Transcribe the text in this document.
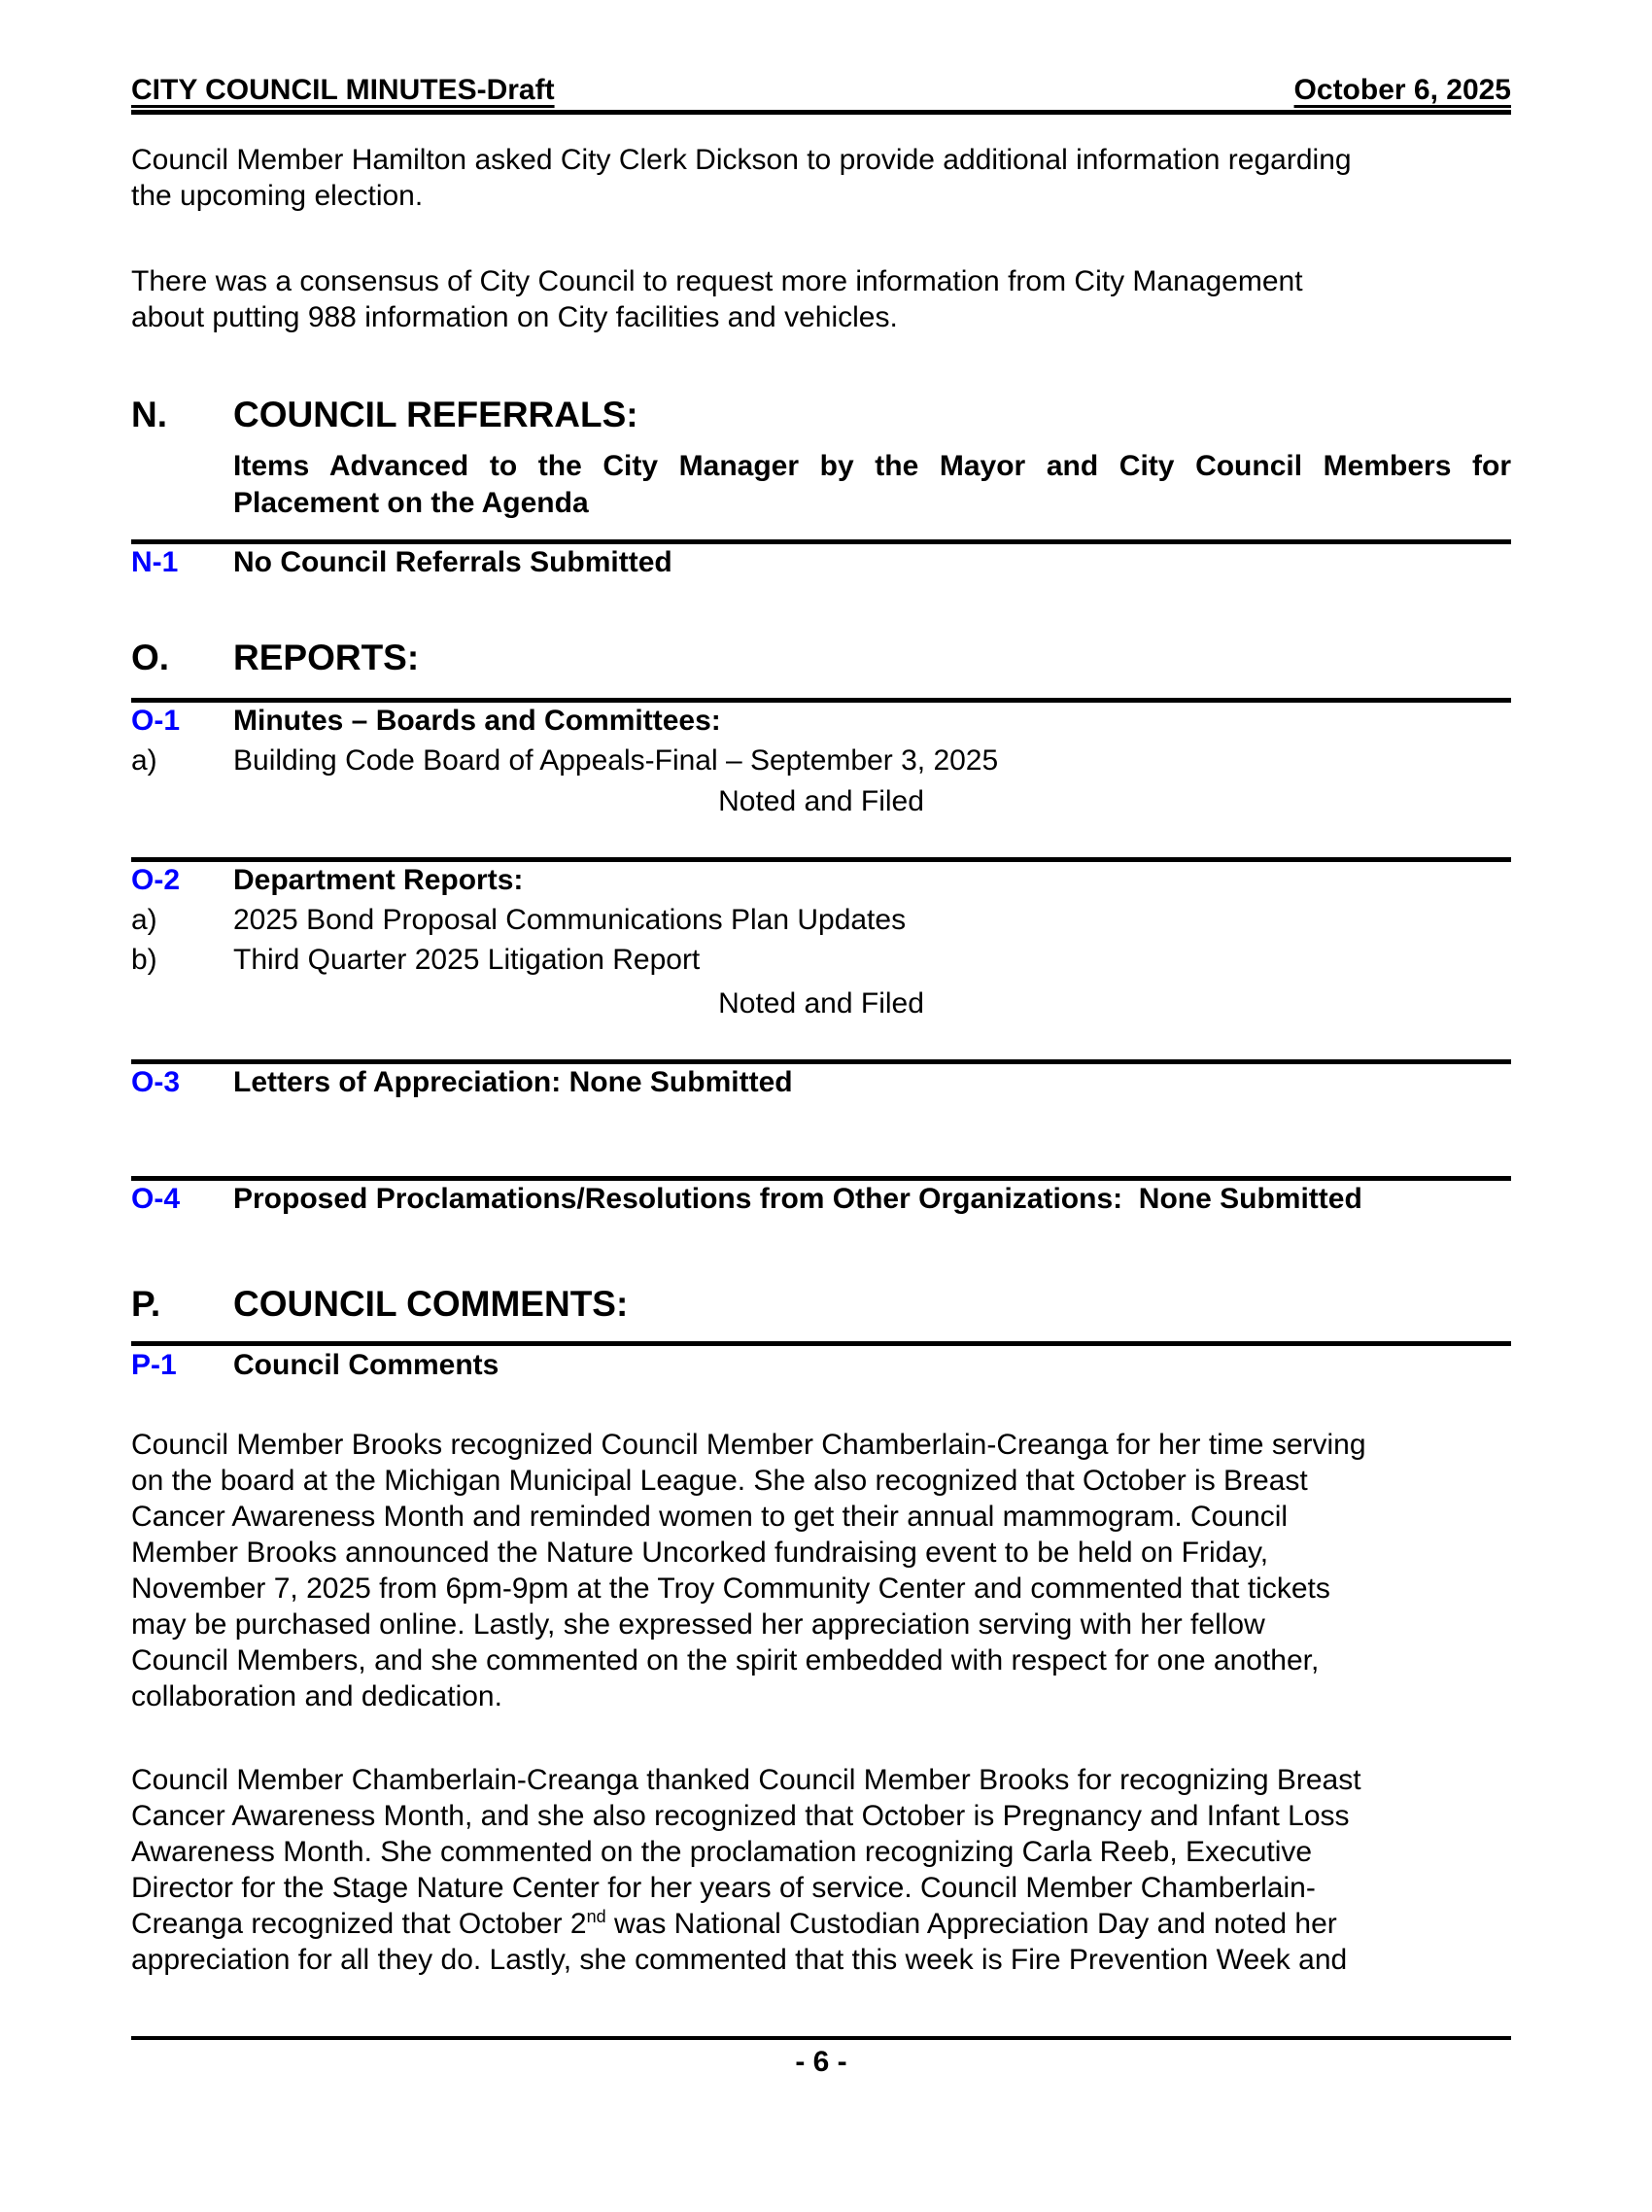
CITY COUNCIL MINUTES-Draft	October 6, 2025
Council Member Hamilton asked City Clerk Dickson to provide additional information regarding
the upcoming election.
There was a consensus of City Council to request more information from City Management
about putting 988 information on City facilities and vehicles.
N.	COUNCIL REFERRALS:
Items Advanced to the City Manager by the Mayor and City Council Members for
Placement on the Agenda
N-1	No Council Referrals Submitted
O.	REPORTS:
O-1	Minutes – Boards and Committees:
a)	Building Code Board of Appeals-Final – September 3, 2025
Noted and Filed
O-2	Department Reports:
a)	2025 Bond Proposal Communications Plan Updates
b)	Third Quarter 2025 Litigation Report
Noted and Filed
O-3	Letters of Appreciation: None Submitted
O-4	Proposed Proclamations/Resolutions from Other Organizations:  None Submitted
P.	COUNCIL COMMENTS:
P-1	Council Comments
Council Member Brooks recognized Council Member Chamberlain-Creanga for her time serving
on the board at the Michigan Municipal League. She also recognized that October is Breast
Cancer Awareness Month and reminded women to get their annual mammogram. Council
Member Brooks announced the Nature Uncorked fundraising event to be held on Friday,
November 7, 2025 from 6pm-9pm at the Troy Community Center and commented that tickets
may be purchased online. Lastly, she expressed her appreciation serving with her fellow
Council Members, and she commented on the spirit embedded with respect for one another,
collaboration and dedication.
Council Member Chamberlain-Creanga thanked Council Member Brooks for recognizing Breast
Cancer Awareness Month, and she also recognized that October is Pregnancy and Infant Loss
Awareness Month. She commented on the proclamation recognizing Carla Reeb, Executive
Director for the Stage Nature Center for her years of service. Council Member Chamberlain-
Creanga recognized that October 2nd was National Custodian Appreciation Day and noted her
appreciation for all they do. Lastly, she commented that this week is Fire Prevention Week and
- 6 -
